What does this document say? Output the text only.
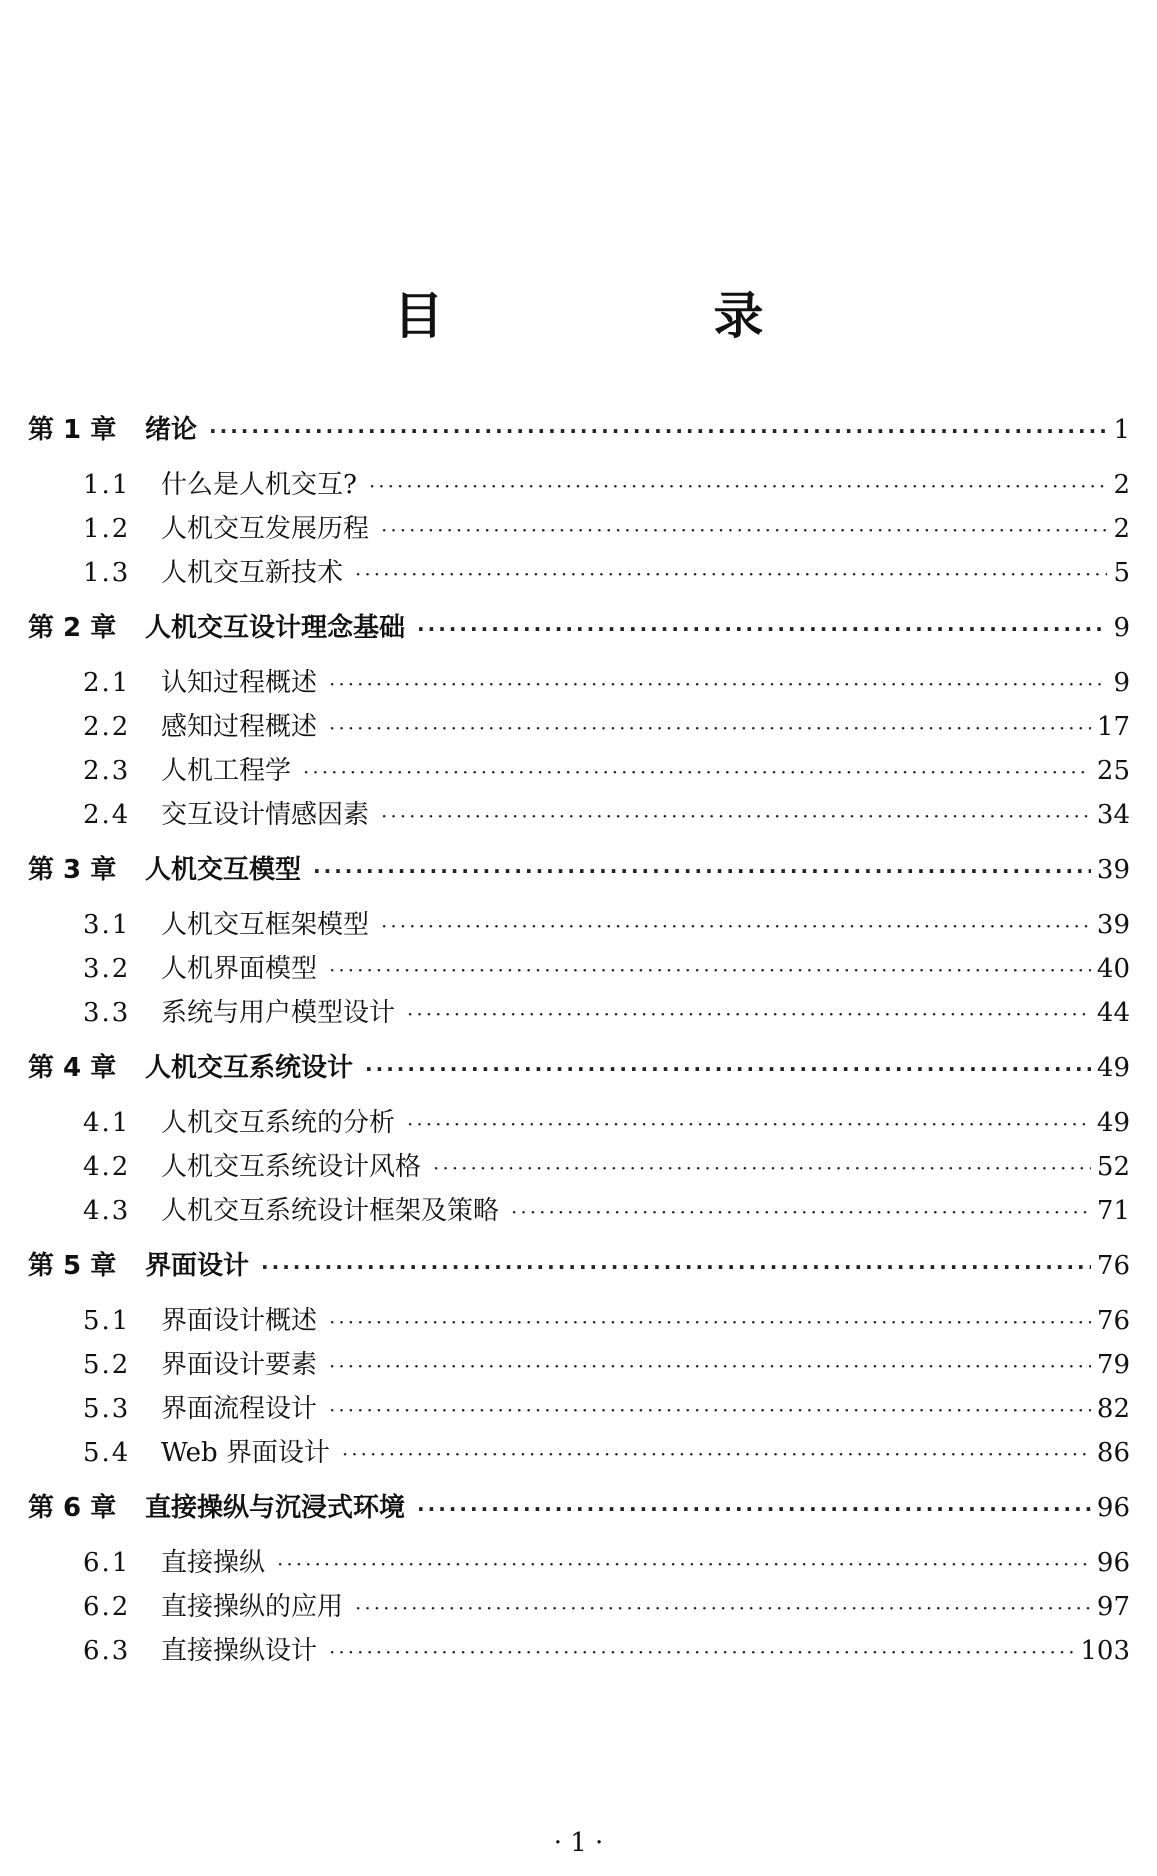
目　录
第 1 章	绪论 ·····	1
1.1	什么是人机交互? ·····	2
1.2	人机交互发展历程 ·····	2
1.3	人机交互新技术 ·····	5
第 2 章	人机交互设计理念基础 ·····	9
2.1	认知过程概述 ·····	9
2.2	感知过程概述 ·····	17
2.3	人机工程学 ·····	25
2.4	交互设计情感因素 ·····	34
第 3 章	人机交互模型 ·····	39
3.1	人机交互框架模型 ·····	39
3.2	人机界面模型 ·····	40
3.3	系统与用户模型设计 ·····	44
第 4 章	人机交互系统设计 ·····	49
4.1	人机交互系统的分析 ·····	49
4.2	人机交互系统设计风格 ·····	52
4.3	人机交互系统设计框架及策略 ·····	71
第 5 章	界面设计 ·····	76
5.1	界面设计概述 ·····	76
5.2	界面设计要素 ·····	79
5.3	界面流程设计 ·····	82
5.4	Web 界面设计 ·····	86
第 6 章	直接操纵与沉浸式环境 ·····	96
6.1	直接操纵 ·····	96
6.2	直接操纵的应用 ·····	97
6.3	直接操纵设计 ·····	103
· 1 ·
